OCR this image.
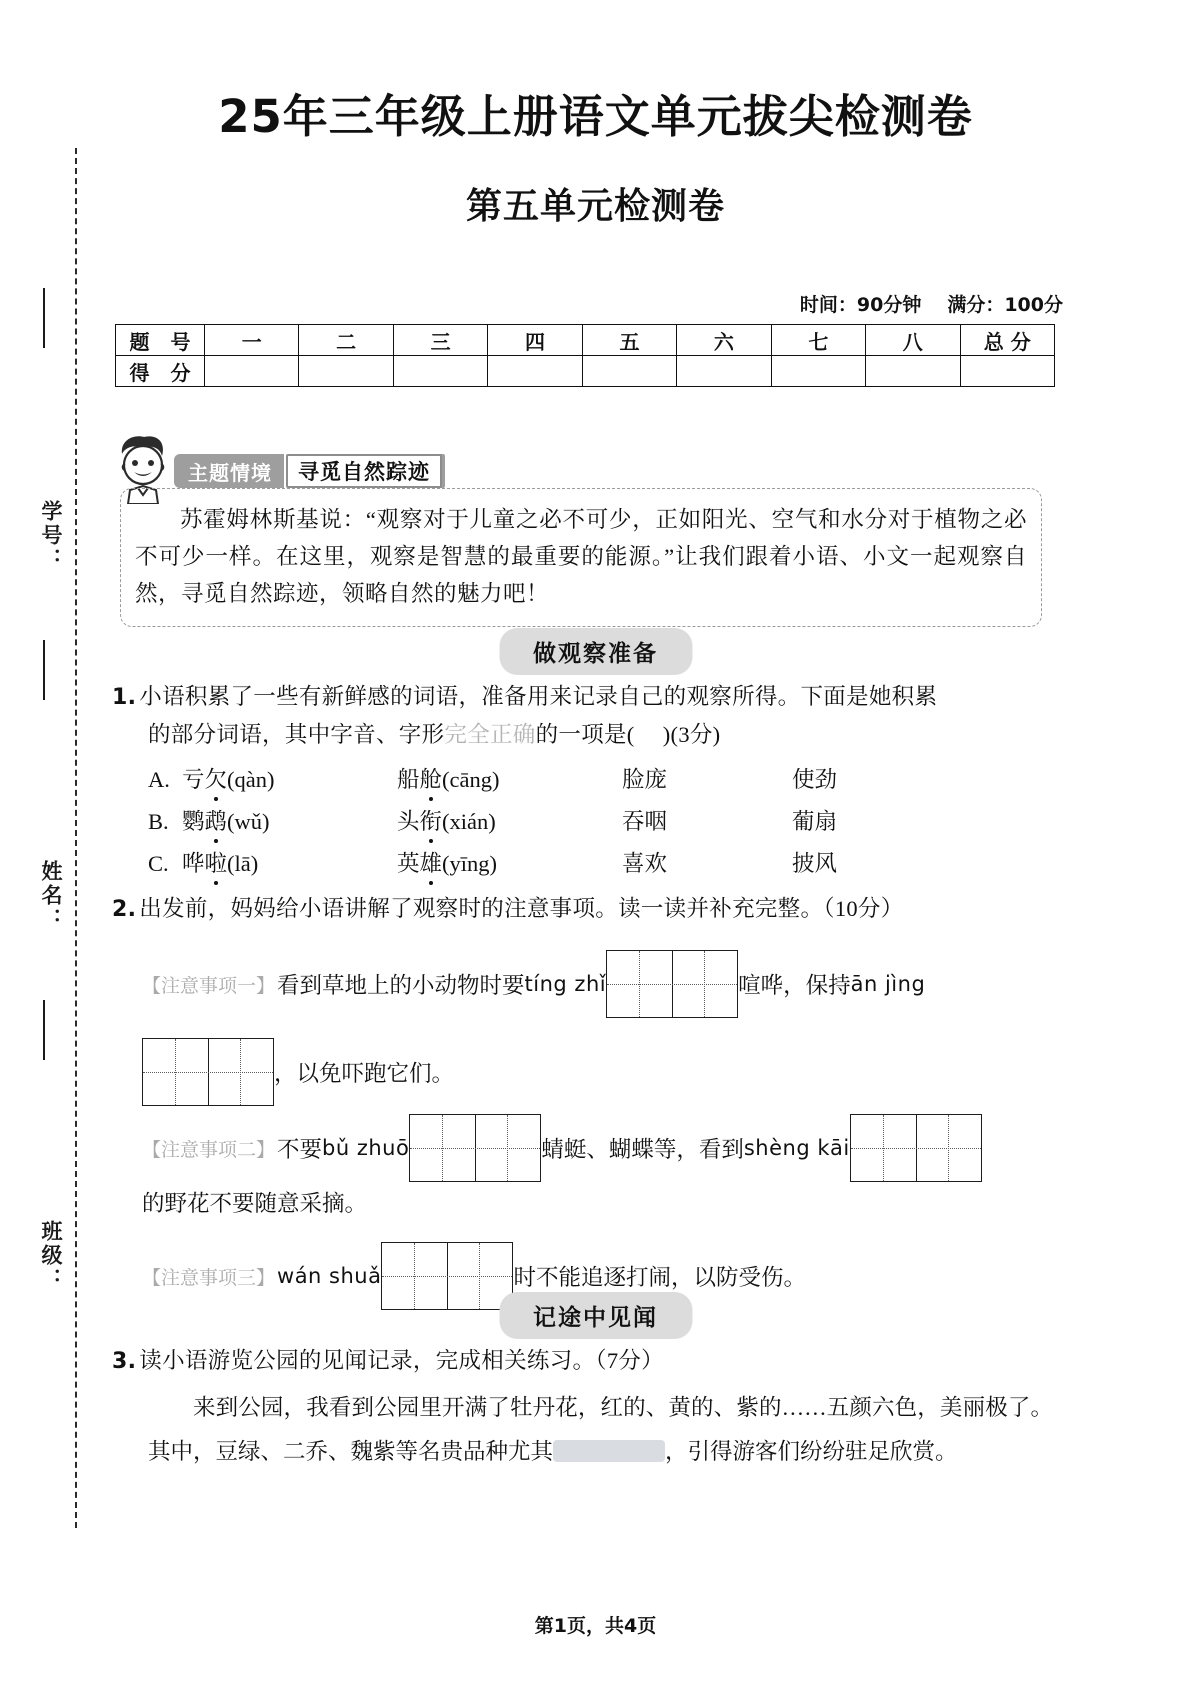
学号：
姓名：
班级：
25年三年级上册语文单元拔尖检测卷
第五单元检测卷
时间：90分钟 满分：100分
题 号	一	二	三	四	五	六	七	八	总 分
得 分									
主题情境	寻觅自然踪迹
苏霍姆林斯基说：“观察对于儿童之必不可少，正如阳光、空气和水分对于植物之必不可少一样。在这里，观察是智慧的最重要的能源。”让我们跟着小语、小文一起观察自然，寻觅自然踪迹，领略自然的魅力吧！
做观察准备
1. 小语积累了一些有新鲜感的词语，准备用来记录自己的观察所得。下面是她积累
的部分词语，其中字音、字形完全正确的一项是( )(3分)
A. 亏欠(qàn)	船舱(cāng)	脸庞	使劲
B. 鹦鹉(wǔ)	头衔(xián)	吞咽	葡扇
C. 哗啦(lā)	英雄(yīng)	喜欢	披风
2. 出发前，妈妈给小语讲解了观察时的注意事项。读一读并补充完整。（10分）
【注意事项一】 看到草地上的小动物时要 tíng zhǐ	喧哗，保持 ān jìng
，以免吓跑它们。
【注意事项二】 不要 bǔ zhuō	蜻蜓、蝴蝶等，看到 shèng kāi
的野花不要随意采摘。
【注意事项三】 wán shuǎ	时不能追逐打闹，以防受伤。
记途中见闻
3. 读小语游览公园的见闻记录，完成相关练习。（7分）
来到公园，我看到公园里开满了牡丹花，红的、黄的、紫的……五颜六色，美丽极了。其中，豆绿、二乔、魏紫等名贵品种尤其	，引得游客们纷纷驻足欣赏。
第1页，共4页
